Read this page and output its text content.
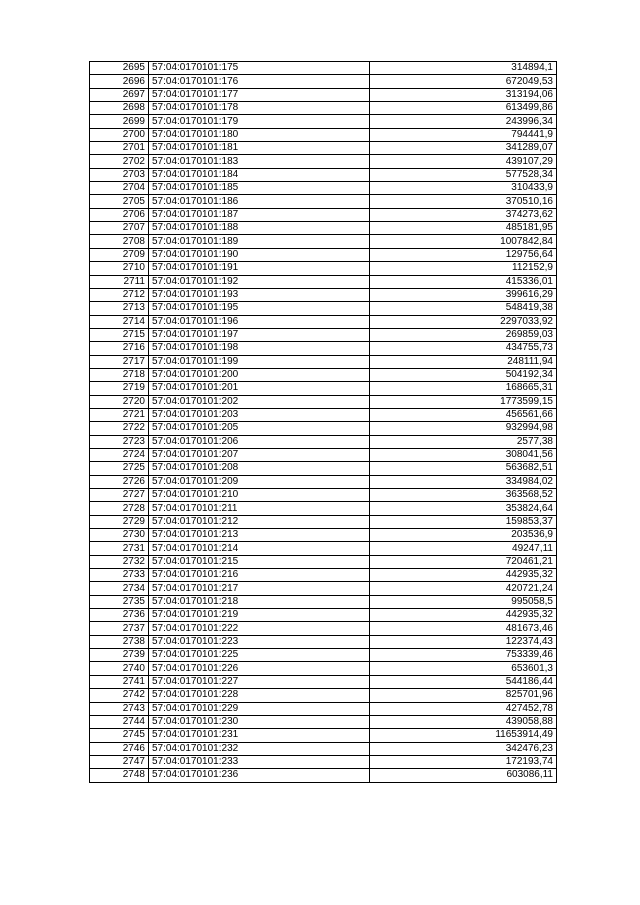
2695	57:04:0170101:175	314894,1
2696	57:04:0170101:176	672049,53
2697	57:04:0170101:177	313194,06
2698	57:04:0170101:178	613499,86
2699	57:04:0170101:179	243996,34
2700	57:04:0170101:180	794441,9
2701	57:04:0170101:181	341289,07
2702	57:04:0170101:183	439107,29
2703	57:04:0170101:184	577528,34
2704	57:04:0170101:185	310433,9
2705	57:04:0170101:186	370510,16
2706	57:04:0170101:187	374273,62
2707	57:04:0170101:188	485181,95
2708	57:04:0170101:189	1007842,84
2709	57:04:0170101:190	129756,64
2710	57:04:0170101:191	112152,9
2711	57:04:0170101:192	415336,01
2712	57:04:0170101:193	399616,29
2713	57:04:0170101:195	548419,38
2714	57:04:0170101:196	2297033,92
2715	57:04:0170101:197	269859,03
2716	57:04:0170101:198	434755,73
2717	57:04:0170101:199	248111,94
2718	57:04:0170101:200	504192,34
2719	57:04:0170101:201	168665,31
2720	57:04:0170101:202	1773599,15
2721	57:04:0170101:203	456561,66
2722	57:04:0170101:205	932994,98
2723	57:04:0170101:206	2577,38
2724	57:04:0170101:207	308041,56
2725	57:04:0170101:208	563682,51
2726	57:04:0170101:209	334984,02
2727	57:04:0170101:210	363568,52
2728	57:04:0170101:211	353824,64
2729	57:04:0170101:212	159853,37
2730	57:04:0170101:213	203536,9
2731	57:04:0170101:214	49247,11
2732	57:04:0170101:215	720461,21
2733	57:04:0170101:216	442935,32
2734	57:04:0170101:217	420721,24
2735	57:04:0170101:218	995058,5
2736	57:04:0170101:219	442935,32
2737	57:04:0170101:222	481673,46
2738	57:04:0170101:223	122374,43
2739	57:04:0170101:225	753339,46
2740	57:04:0170101:226	653601,3
2741	57:04:0170101:227	544186,44
2742	57:04:0170101:228	825701,96
2743	57:04:0170101:229	427452,78
2744	57:04:0170101:230	439058,88
2745	57:04:0170101:231	11653914,49
2746	57:04:0170101:232	342476,23
2747	57:04:0170101:233	172193,74
2748	57:04:0170101:236	603086,11
